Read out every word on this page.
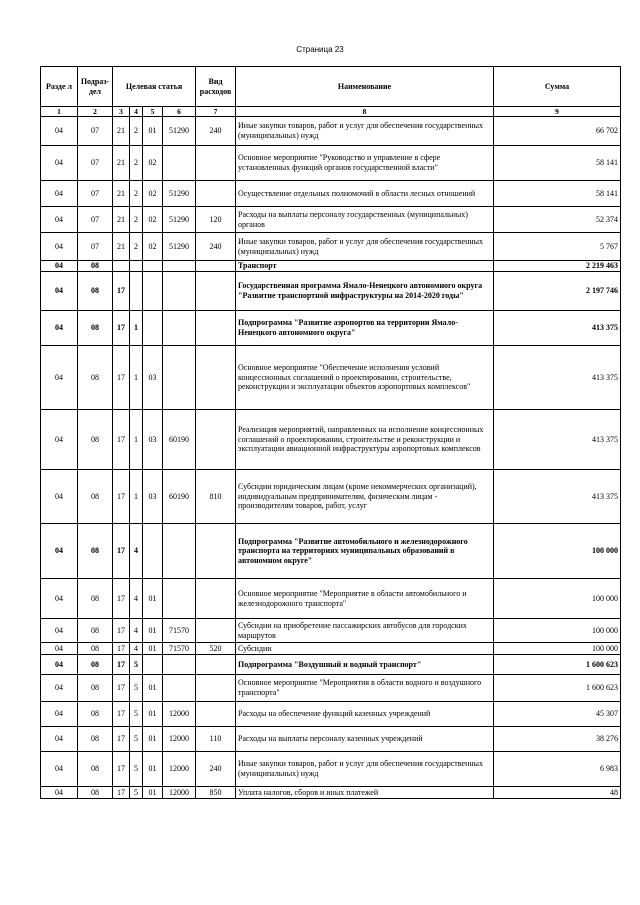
Страница 23
Разде л	Подраз- дел	Целевая статья				Вид расходов	Наименование	Сумма
1	2	3	4	5	6	7	8	9
04	07	21	2	01	51290	240	Иные закупки товаров, работ и услуг для обеспечения государственных (муниципальных) нужд	66 702
04	07	21	2	02			Основное мероприятие "Руководство и управление в сфере установленных функций органов государственной власти"	58 141
04	07	21	2	02	51290		Осуществление отдельных полномочий в области лесных отношений	58 141
04	07	21	2	02	51290	120	Расходы на выплаты персоналу государственных (муниципальных) органов	52 374
04	07	21	2	02	51290	240	Иные закупки товаров, работ и услуг для обеспечения государственных (муниципальных) нужд	5 767
04	08						Транспорт	2 219 463
04	08	17					Государственная программа Ямало-Ненецкого автономного округа "Развитие транспортной инфраструктуры на 2014-2020 годы"	2 197 746
04	08	17	1				Подпрограмма "Развитие аэропортов на территории Ямало-Ненецкого автономного округа"	413 375
04	08	17	1	03			Основное мероприятие "Обеспечение исполнения условий концессионных соглашений о проектировании, строительстве, реконструкции и эксплуатации объектов аэропортовых комплексов"	413 375
04	08	17	1	03	60190		Реализация мероприятий, направленных на исполнение концессионных соглашений о проектировании, строительстве и реконструкции и эксплуатации авиационной инфраструктуры аэропортовых комплексов	413 375
04	08	17	1	03	60190	810	Субсидии юридическим лицам (кроме некоммерческих организаций), индивидуальным предпринимателям, физическим лицам - производителям товаров, работ, услуг	413 375
04	08	17	4				Подпрограмма "Развитие автомобильного и железнодорожного транспорта на территориях муниципальных образований в автономном округе"	100 000
04	08	17	4	01			Основное мероприятие "Мероприятие в области автомобильного и железнодорожного транспорта"	100 000
04	08	17	4	01	71570		Субсидии на приобретение пассажирских автобусов для городских маршрутов	100 000
04	08	17	4	01	71570	520	Субсидии	100 000
04	08	17	5				Подпрограмма "Воздушный и водный транспорт"	1 600 623
04	08	17	5	01			Основное мероприятие "Мероприятия в области водного и воздушного транспорта"	1 600 623
04	08	17	5	01	12000		Расходы на обеспечение функций казенных учреждений	45 307
04	08	17	5	01	12000	110	Расходы на выплаты персоналу казенных учреждений	38 276
04	08	17	5	01	12000	240	Иные закупки товаров, работ и услуг для обеспечения государственных (муниципальных) нужд	6 983
04	08	17	5	01	12000	850	Уплата налогов, сборов и иных платежей	48
